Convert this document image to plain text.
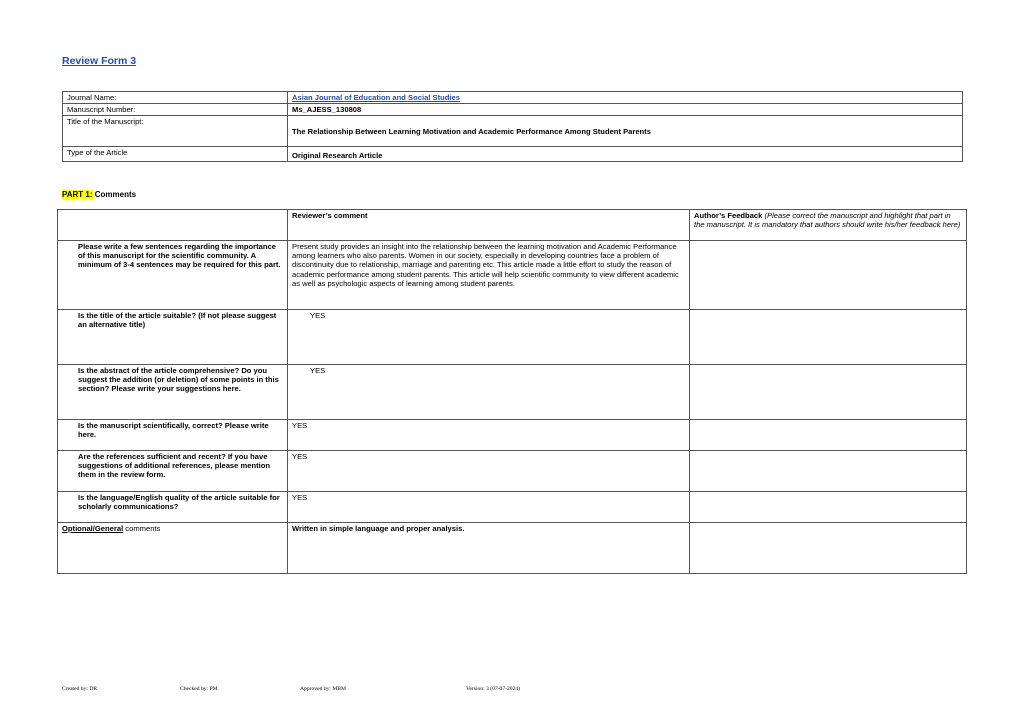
Review Form 3
Journal Name:	Asian Journal of Education and Social Studies
Manuscript Number:	Ms_AJESS_130808
Title of the Manuscript:	The Relationship Between Learning Motivation and Academic Performance Among Student Parents
Type of the Article	Original Research Article
PART 1: Comments
	Reviewer’s comment	Author’s Feedback (Please correct the manuscript and highlight that part in the manuscript. It is mandatory that authors should write his/her feedback here)

Please write a few sentences regarding the importance of this manuscript for the scientific community. A minimum of 3-4 sentences may be required for this part.	Present study provides an insight into the relationship between the learning motivation and Academic Performance among learners who also parents. Women in our society, especially in developing countries face a problem of discontinuity due to relationship, marriage and parenting etc. This article made a little effort to study the reason of academic performance among student parents. This article will help scientific community to view different academic as well as psychologic aspects of learning among student parents.	

Is the title of the article suitable? (If not please suggest an alternative title)	YES	

Is the abstract of the article comprehensive? Do you suggest the addition (or deletion) of some points in this section? Please write your suggestions here.	YES	

Is the manuscript scientifically, correct? Please write here.	YES	

Are the references sufficient and recent? If you have suggestions of additional references, please mention them in the review form.	YES	

Is the language/English quality of the article suitable for scholarly communications?	YES	
Optional/General comments	Written in simple language and proper analysis.	
Created by: DR	Checked by: PM	Approved by: MBM	Version: 3 (07-07-2024)
